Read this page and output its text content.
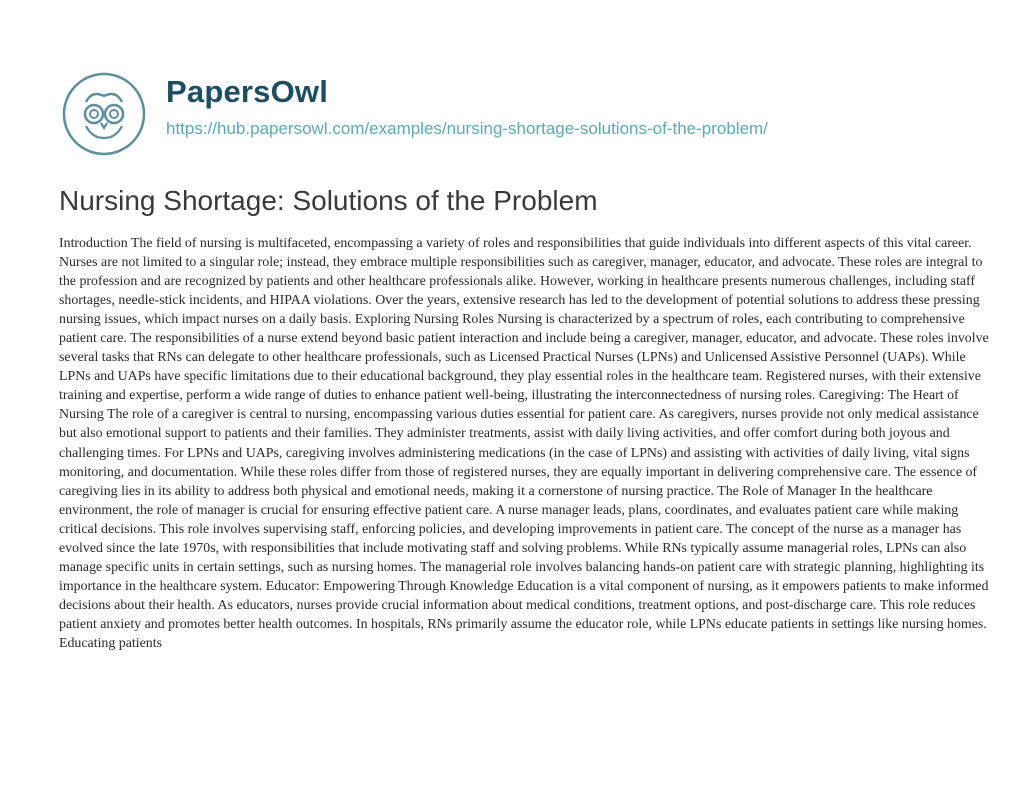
PapersOwl
https://hub.papersowl.com/examples/nursing-shortage-solutions-of-the-problem/
Nursing Shortage: Solutions of the Problem

Introduction The field of nursing is multifaceted, encompassing a variety of roles and responsibilities that guide individuals into different aspects of this vital career. Nurses are not limited to a singular role; instead, they embrace multiple responsibilities such as caregiver, manager, educator, and advocate. These roles are integral to the profession and are recognized by patients and other healthcare professionals alike. However, working in healthcare presents numerous challenges, including staff shortages, needle-stick incidents, and HIPAA violations. Over the years, extensive research has led to the development of potential solutions to address these pressing nursing issues, which impact nurses on a daily basis. Exploring Nursing Roles Nursing is characterized by a spectrum of roles, each contributing to comprehensive patient care. The responsibilities of a nurse extend beyond basic patient interaction and include being a caregiver, manager, educator, and advocate. These roles involve several tasks that RNs can delegate to other healthcare professionals, such as Licensed Practical Nurses (LPNs) and Unlicensed Assistive Personnel (UAPs). While LPNs and UAPs have specific limitations due to their educational background, they play essential roles in the healthcare team. Registered nurses, with their extensive training and expertise, perform a wide range of duties to enhance patient well-being, illustrating the interconnectedness of nursing roles. Caregiving: The Heart of Nursing The role of a caregiver is central to nursing, encompassing various duties essential for patient care. As caregivers, nurses provide not only medical assistance but also emotional support to patients and their families. They administer treatments, assist with daily living activities, and offer comfort during both joyous and challenging times. For LPNs and UAPs, caregiving involves administering medications (in the case of LPNs) and assisting with activities of daily living, vital signs monitoring, and documentation. While these roles differ from those of registered nurses, they are equally important in delivering comprehensive care. The essence of caregiving lies in its ability to address both physical and emotional needs, making it a cornerstone of nursing practice. The Role of Manager In the healthcare environment, the role of manager is crucial for ensuring effective patient care. A nurse manager leads, plans, coordinates, and evaluates patient care while making critical decisions. This role involves supervising staff, enforcing policies, and developing improvements in patient care. The concept of the nurse as a manager has evolved since the late 1970s, with responsibilities that include motivating staff and solving problems. While RNs typically assume managerial roles, LPNs can also manage specific units in certain settings, such as nursing homes. The managerial role involves balancing hands-on patient care with strategic planning, highlighting its importance in the healthcare system. Educator: Empowering Through Knowledge Education is a vital component of nursing, as it empowers patients to make informed decisions about their health. As educators, nurses provide crucial information about medical conditions, treatment options, and post-discharge care. This role reduces patient anxiety and promotes better health outcomes. In hospitals, RNs primarily assume the educator role, while LPNs educate patients in settings like nursing homes. Educating patients
